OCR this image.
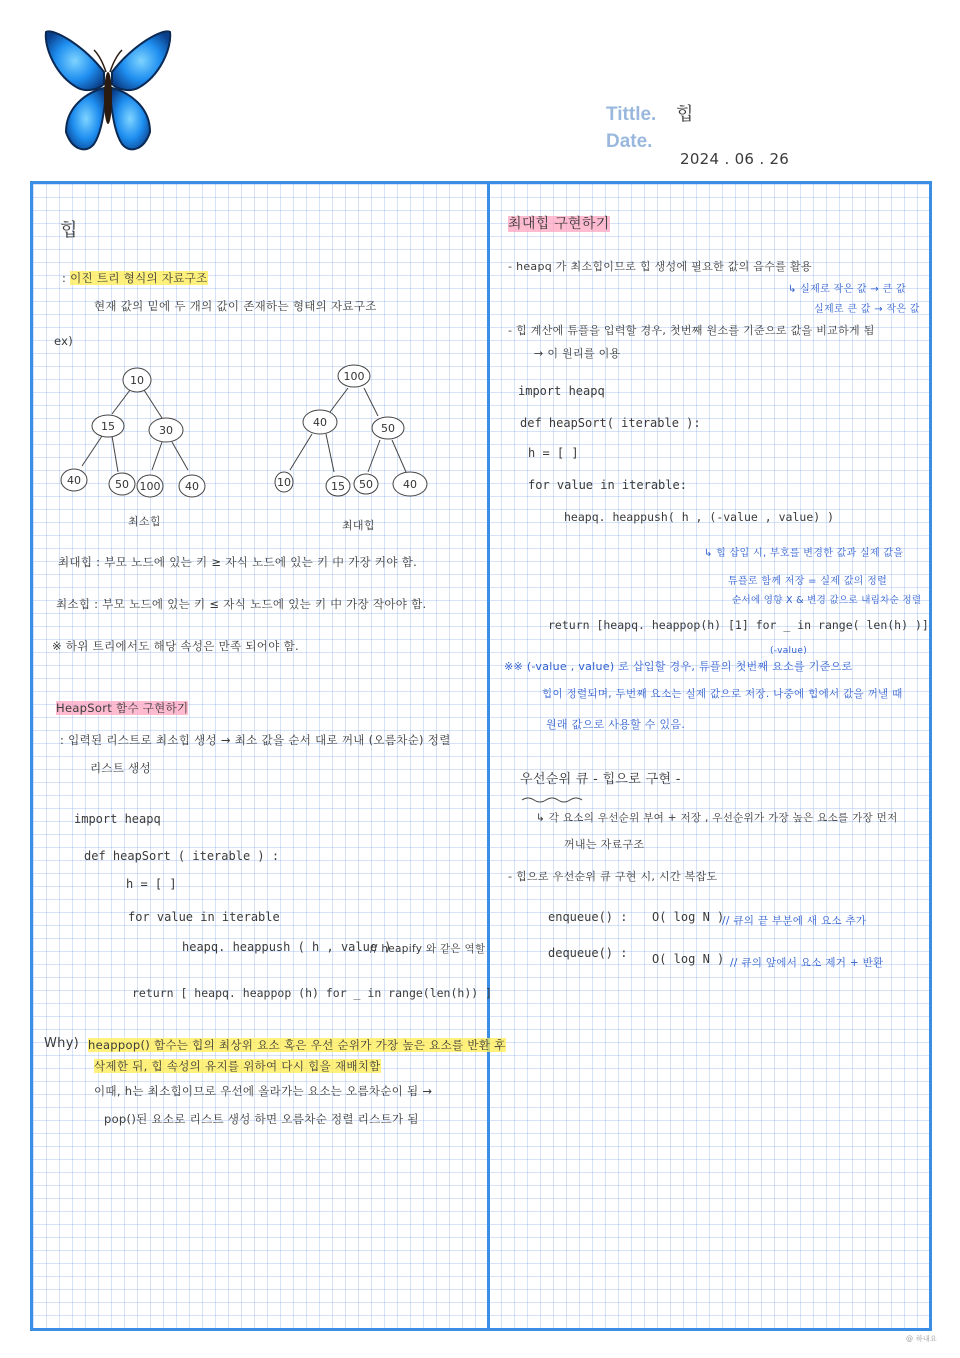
Tittle. 힙
Date.
2024 . 06 . 26
힙
: 이진 트리 형식의 자료구조
현재 값의 밑에 두 개의 값이 존재하는 형태의 자료구조
ex)
10
15	30
40	50 100 40
최소힙
100
40	50
10	15 50	40
최대힙
최대힙 : 부모 노드에 있는 키 ≥ 자식 노드에 있는 키 中 가장 커야 함.
최소힙 : 부모 노드에 있는 키 ≤ 자식 노드에 있는 키 中 가장 작아야 함.
※ 하위 트리에서도 해당 속성은 만족 되어야 함.
HeapSort 함수 구현하기
: 입력된 리스트로 최소힙 생성 → 최소 값을 순서 대로 꺼내 (오름차순) 정렬
리스트 생성
import heapq
def heapSort ( iterable ) :
h = [ ]
for value in iterable
heapq. heappush ( h , value )
// heapify 와 같은 역할
return [ heapq. heappop (h) for _ in range(len(h)) ]
Why) heappop() 함수는 힙의 최상위 요소 혹은 우선 순위가 가장 높은 요소를 반환 후
삭제한 뒤, 힙 속성의 유지를 위하여 다시 힙을 재배치함
이때, h는 최소힙이므로 우선에 올라가는 요소는 오름차순이 됨 →
pop()된 요소로 리스트 생성 하면 오름차순 정렬 리스트가 됨
최대힙 구현하기
- heapq 가 최소힙이므로 힙 생성에 필요한 값의 음수를 활용
↳ 실제로 작은 값 → 큰 값
실제로 큰 값 → 작은 값
- 힙 계산에 튜플을 입력할 경우, 첫번째 원소를 기준으로 값을 비교하게 됨
→ 이 원리를 이용
import heapq
def heapSort( iterable ):
h = [ ]
for value in iterable:
heapq. heappush( h , (-value , value) )
↳ 힙 삽입 시, 부호를 변경한 값과 실제 값을
튜플로 함께 저장 = 실제 값의 정렬
순서에 영향 X & 변경 값으로 내림차순 정렬
return [heapq. heappop(h) [1] for _ in range( len(h) )]
(-value)
※※ (-value , value) 로 삽입할 경우, 튜플의 첫번째 요소를 기준으로
힙이 정렬되며, 두번째 요소는 실제 값으로 저장. 나중에 힙에서 값을 꺼낼 때
원래 값으로 사용할 수 있음.
우선순위 큐 - 힙으로 구현 -
↳ 각 요소의 우선순위 부여 + 저장 , 우선순위가 가장 높은 요소를 가장 먼저
꺼내는 자료구조
- 힙으로 우선순위 큐 구현 시, 시간 복잡도
enqueue() : O( log N )
// 큐의 끝 부분에 새 요소 추가
dequeue() : O( log N ) // 큐의 앞에서 요소 제거 + 반환
@ 하내요
